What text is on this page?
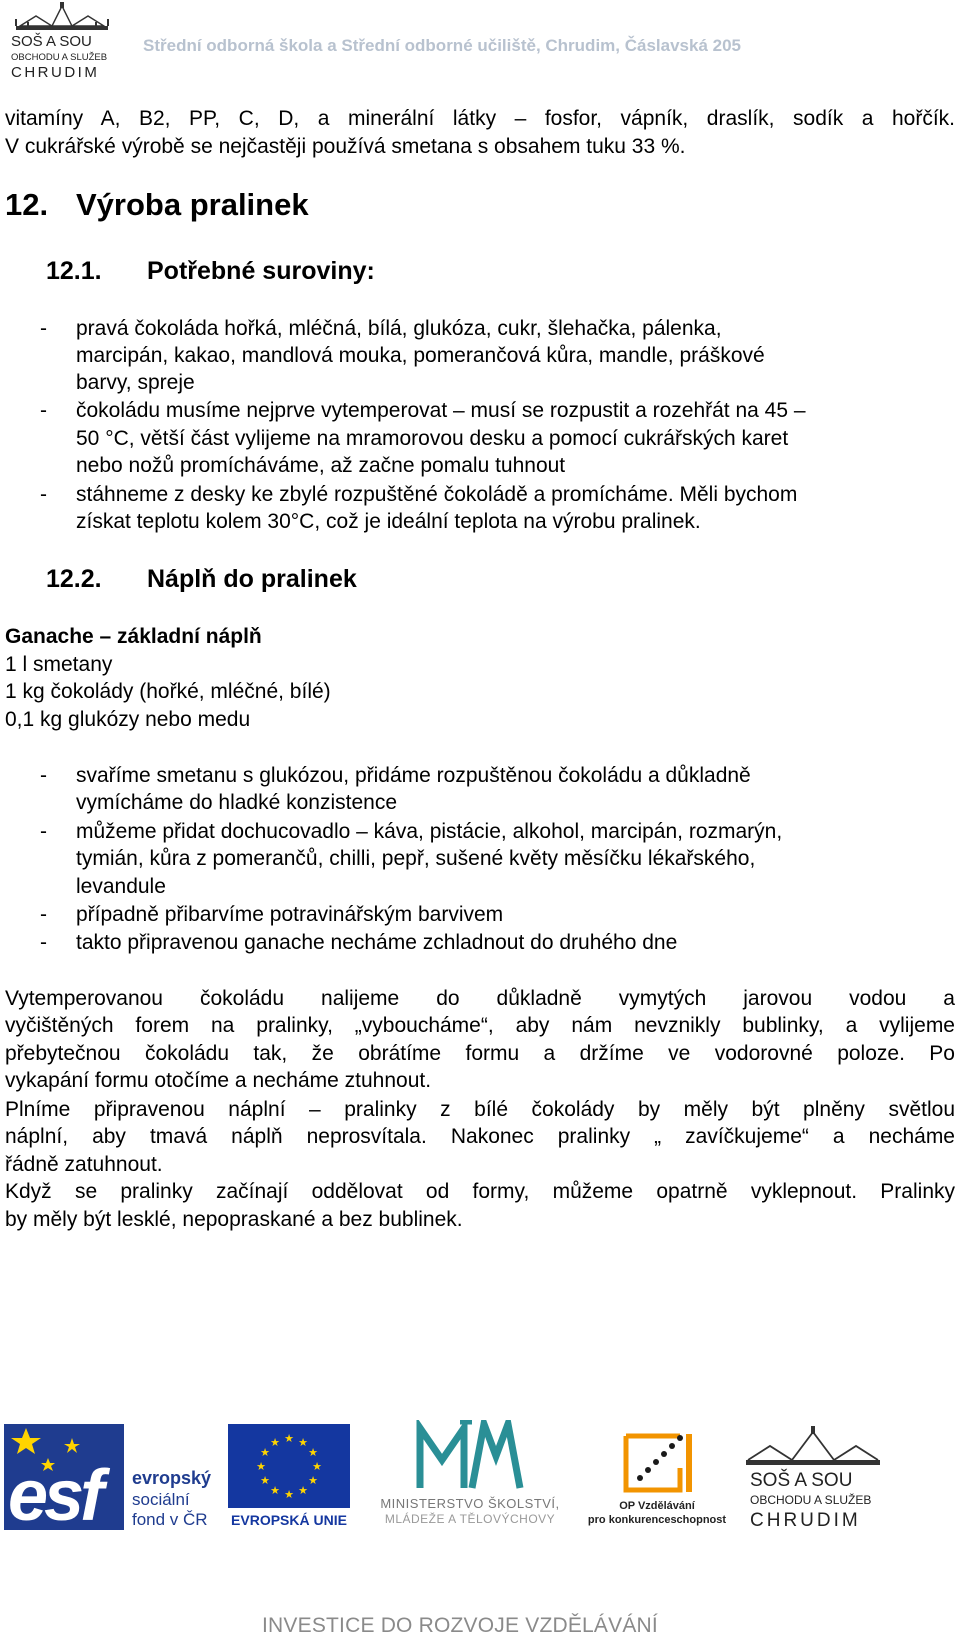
SOŠ A SOU
OBCHODU A SLUŽEB
CHRUDIM
Střední odborná škola a Střední odborné učiliště, Chrudim, Čáslavská 205
vitamíny A, B2, PP, C, D, a minerální látky – fosfor, vápník, draslík, sodík a hořčík.
V cukrářské výrobě se nejčastěji používá smetana s obsahem tuku 33 %.
12. Výroba pralinek
12.1. Potřebné suroviny:
- pravá čokoláda hořká, mléčná, bílá, glukóza, cukr, šlehačka, pálenka,
marcipán, kakao, mandlová mouka, pomerančová kůra, mandle, práškové
barvy, spreje
- čokoládu musíme nejprve vytemperovat – musí se rozpustit a rozehřát na 45 –
50 °C, větší část vylijeme na mramorovou desku a pomocí cukrářských karet
nebo nožů promícháváme, až začne pomalu tuhnout
- stáhneme z desky ke zbylé rozpuštěné čokoládě a promícháme. Měli bychom
získat teplotu kolem 30°C, což je ideální teplota na výrobu pralinek.
12.2. Náplň do pralinek
Ganache – základní náplň
1 l smetany
1 kg čokolády (hořké, mléčné, bílé)
0,1 kg glukózy nebo medu
- svaříme smetanu s glukózou, přidáme rozpuštěnou čokoládu a důkladně
vymícháme do hladké konzistence
- můžeme přidat dochucovadlo – káva, pistácie, alkohol, marcipán, rozmarýn,
tymián, kůra z pomerančů, chilli, pepř, sušené květy měsíčku lékařského,
levandule
- případně přibarvíme potravinářským barvivem
- takto připravenou ganache necháme zchladnout do druhého dne
Vytemperovanou čokoládu nalijeme do důkladně vymytých jarovou vodou a
vyčištěných forem na pralinky, „vyboucháme“, aby nám nevznikly bublinky, a vylijeme
přebytečnou čokoládu tak, že obrátíme formu a držíme ve vodorovné poloze. Po
vykapání formu otočíme a necháme ztuhnout.
Plníme připravenou náplní – pralinky z bílé čokolády by měly být plněny světlou
náplní, aby tmavá náplň neprosvítala. Nakonec pralinky „ zavíčkujeme“ a necháme
řádně zatuhnout.
Když se pralinky začínají oddělovat od formy, můžeme opatrně vyklepnout. Pralinky
by měly být lesklé, nepopraskané a bez bublinek.
esf evropský
sociální
fond v ČR
★ ★
★
★
★
★
★
★
★
★
★
★
EVROPSKÁ UNIE
MINISTERSTVO ŠKOLSTVÍ,
MLÁDEŽE A TĚLOVÝCHOVY
OP Vzdělávání
pro konkurenceschopnost
SOŠ A SOU
OBCHODU A SLUŽEB
CHRUDIM
INVESTICE DO ROZVOJE VZDĚLÁVÁNÍ
